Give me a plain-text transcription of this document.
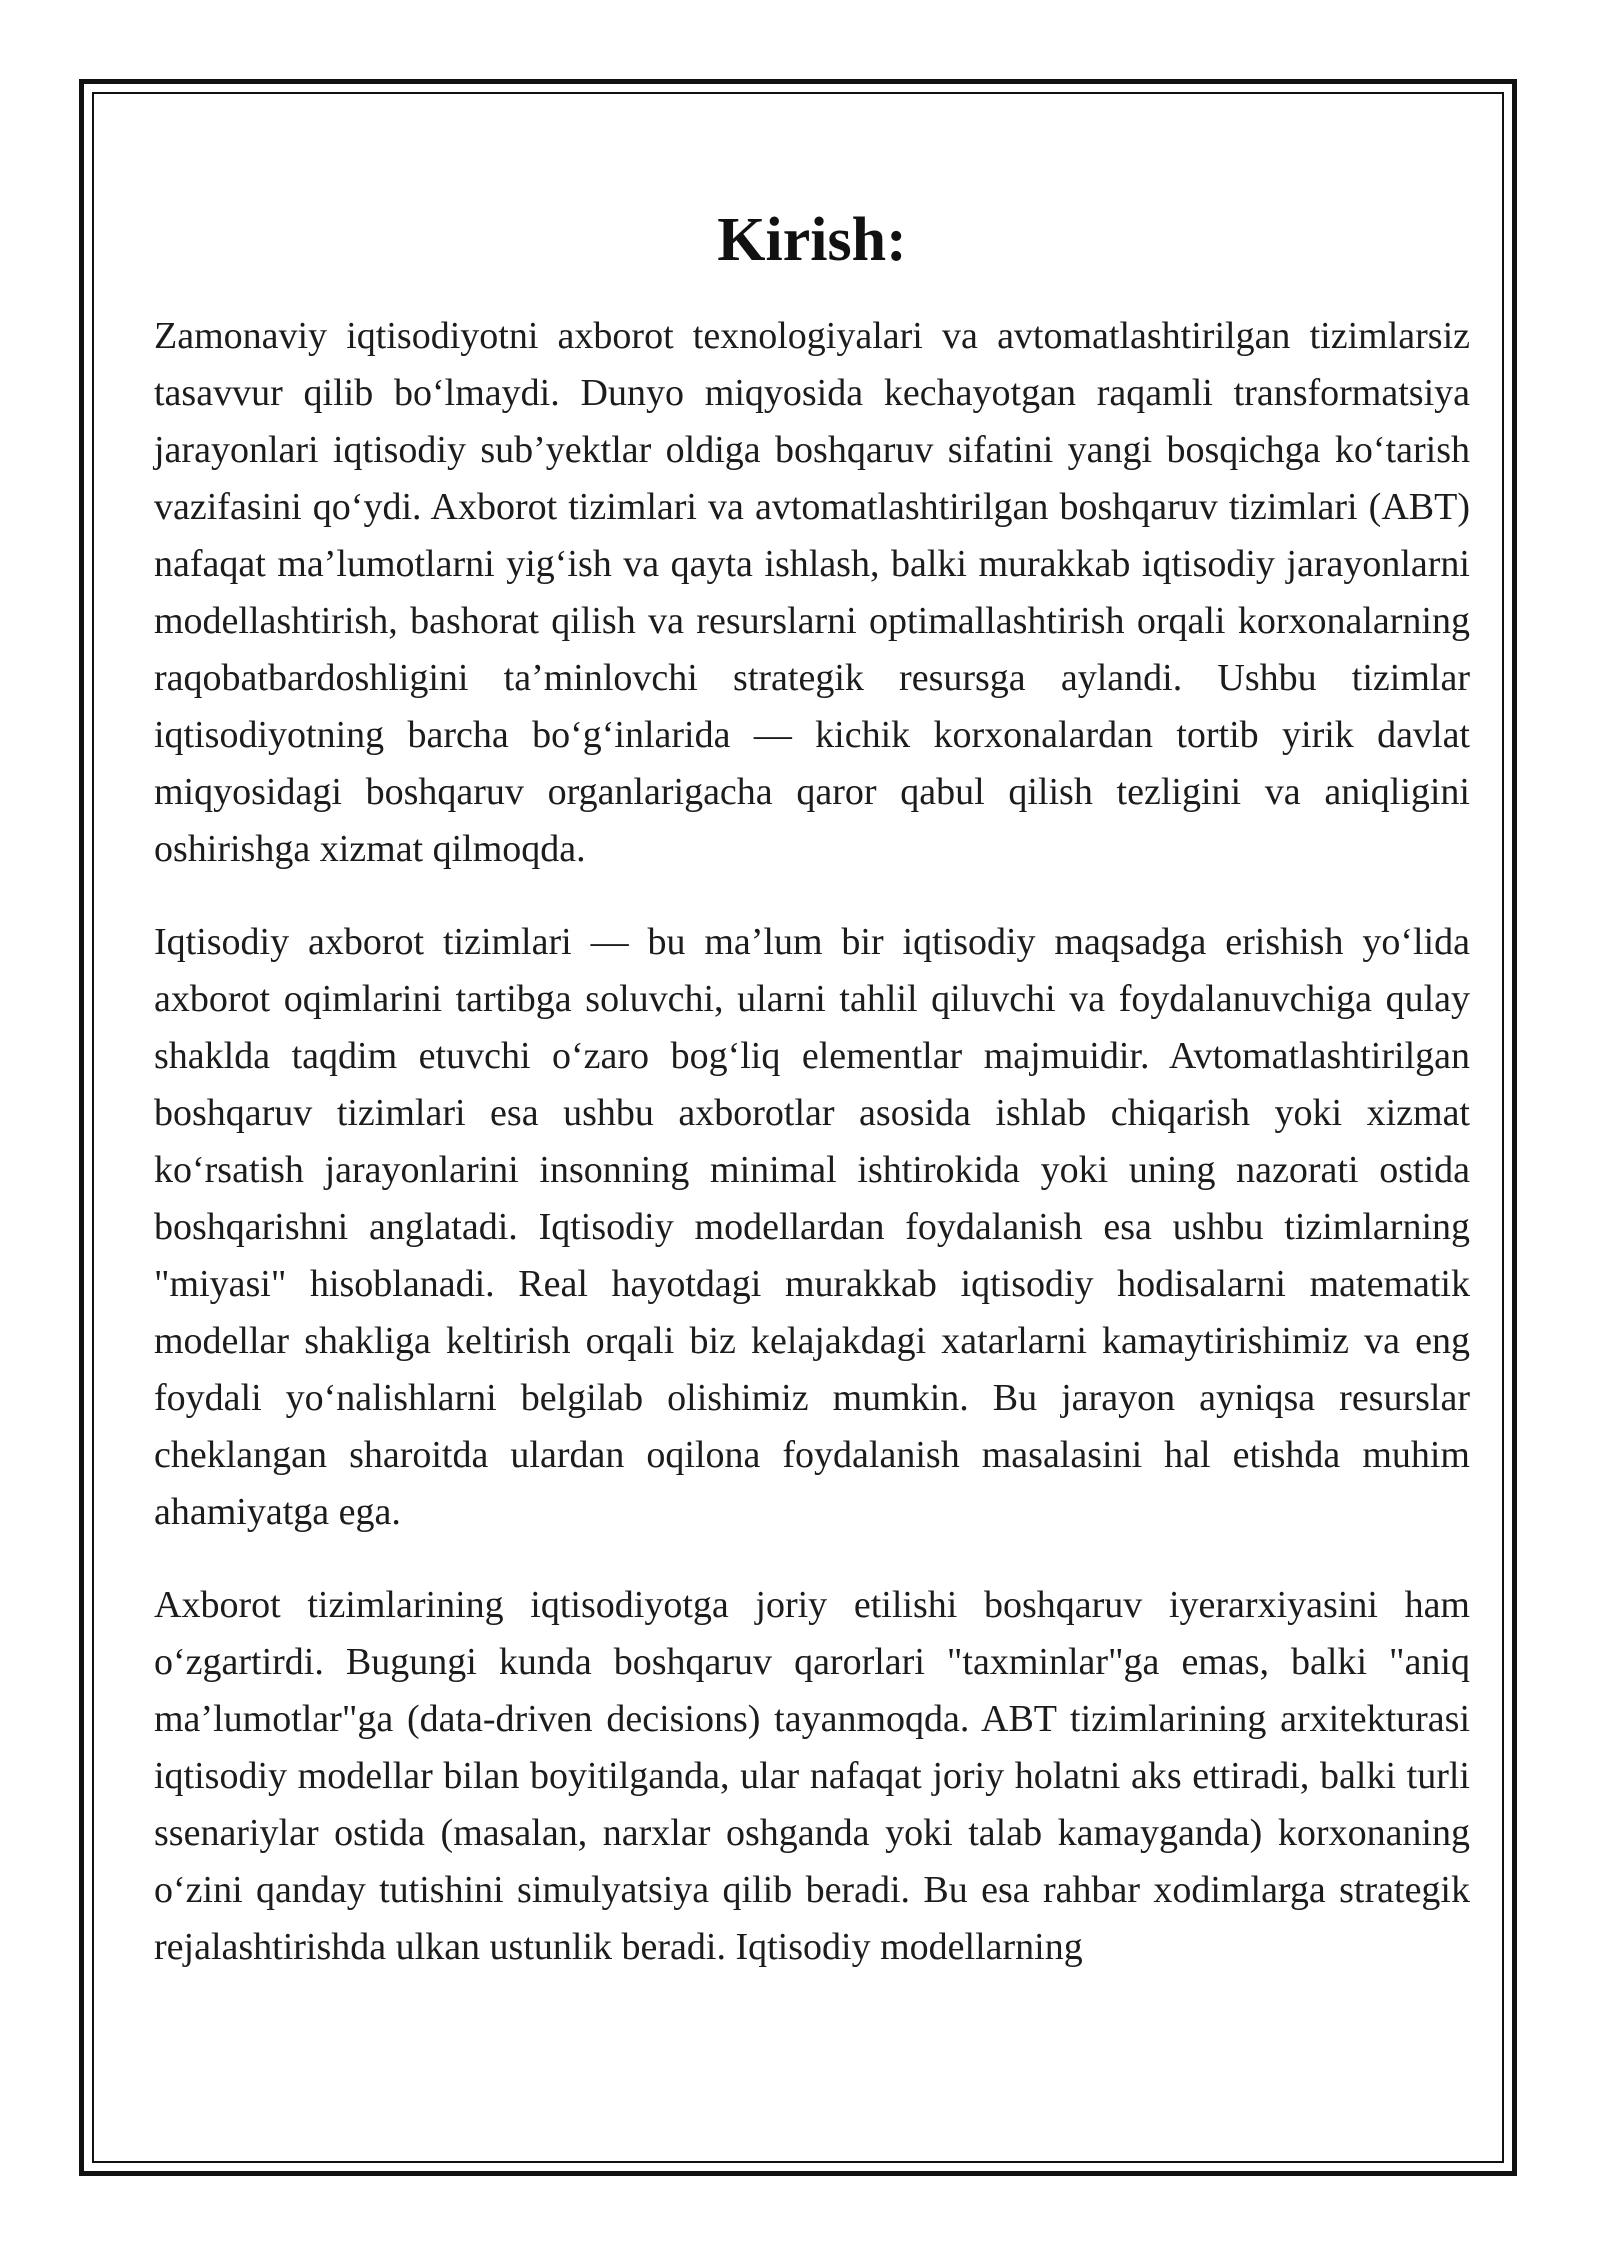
Kirish:

Zamonaviy iqtisodiyotni axborot texnologiyalari va avtomatlashtirilgan tizimlarsiz tasavvur qilib bo‘lmaydi. Dunyo miqyosida kechayotgan raqamli transformatsiya jarayonlari iqtisodiy sub’yektlar oldiga boshqaruv sifatini yangi bosqichga ko‘tarish vazifasini qo‘ydi. Axborot tizimlari va avtomatlashtirilgan boshqaruv tizimlari (ABT) nafaqat ma’lumotlarni yig‘ish va qayta ishlash, balki murakkab iqtisodiy jarayonlarni modellashtirish, bashorat qilish va resurslarni optimallashtirish orqali korxonalarning raqobatbardoshligini ta’minlovchi strategik resursga aylandi. Ushbu tizimlar iqtisodiyotning barcha bo‘g‘inlarida — kichik korxonalardan tortib yirik davlat miqyosidagi boshqaruv organlarigacha qaror qabul qilish tezligini va aniqligini oshirishga xizmat qilmoqda.

Iqtisodiy axborot tizimlari — bu ma’lum bir iqtisodiy maqsadga erishish yo‘lida axborot oqimlarini tartibga soluvchi, ularni tahlil qiluvchi va foydalanuvchiga qulay shaklda taqdim etuvchi o‘zaro bog‘liq elementlar majmuidir. Avtomatlashtirilgan boshqaruv tizimlari esa ushbu axborotlar asosida ishlab chiqarish yoki xizmat ko‘rsatish jarayonlarini insonning minimal ishtirokida yoki uning nazorati ostida boshqarishni anglatadi. Iqtisodiy modellardan foydalanish esa ushbu tizimlarning "miyasi" hisoblanadi. Real hayotdagi murakkab iqtisodiy hodisalarni matematik modellar shakliga keltirish orqali biz kelajakdagi xatarlarni kamaytirishimiz va eng foydali yo‘nalishlarni belgilab olishimiz mumkin. Bu jarayon ayniqsa resurslar cheklangan sharoitda ulardan oqilona foydalanish masalasini hal etishda muhim ahamiyatga ega.

Axborot tizimlarining iqtisodiyotga joriy etilishi boshqaruv iyerarxiyasini ham o‘zgartirdi. Bugungi kunda boshqaruv qarorlari "taxminlar"ga emas, balki "aniq ma’lumotlar"ga (data-driven decisions) tayanmoqda. ABT tizimlarining arxitekturasi iqtisodiy modellar bilan boyitilganda, ular nafaqat joriy holatni aks ettiradi, balki turli ssenariylar ostida (masalan, narxlar oshganda yoki talab kamayganda) korxonaning o‘zini qanday tutishini simulyatsiya qilib beradi. Bu esa rahbar xodimlarga strategik rejalashtirishda ulkan ustunlik beradi. Iqtisodiy modellarning
